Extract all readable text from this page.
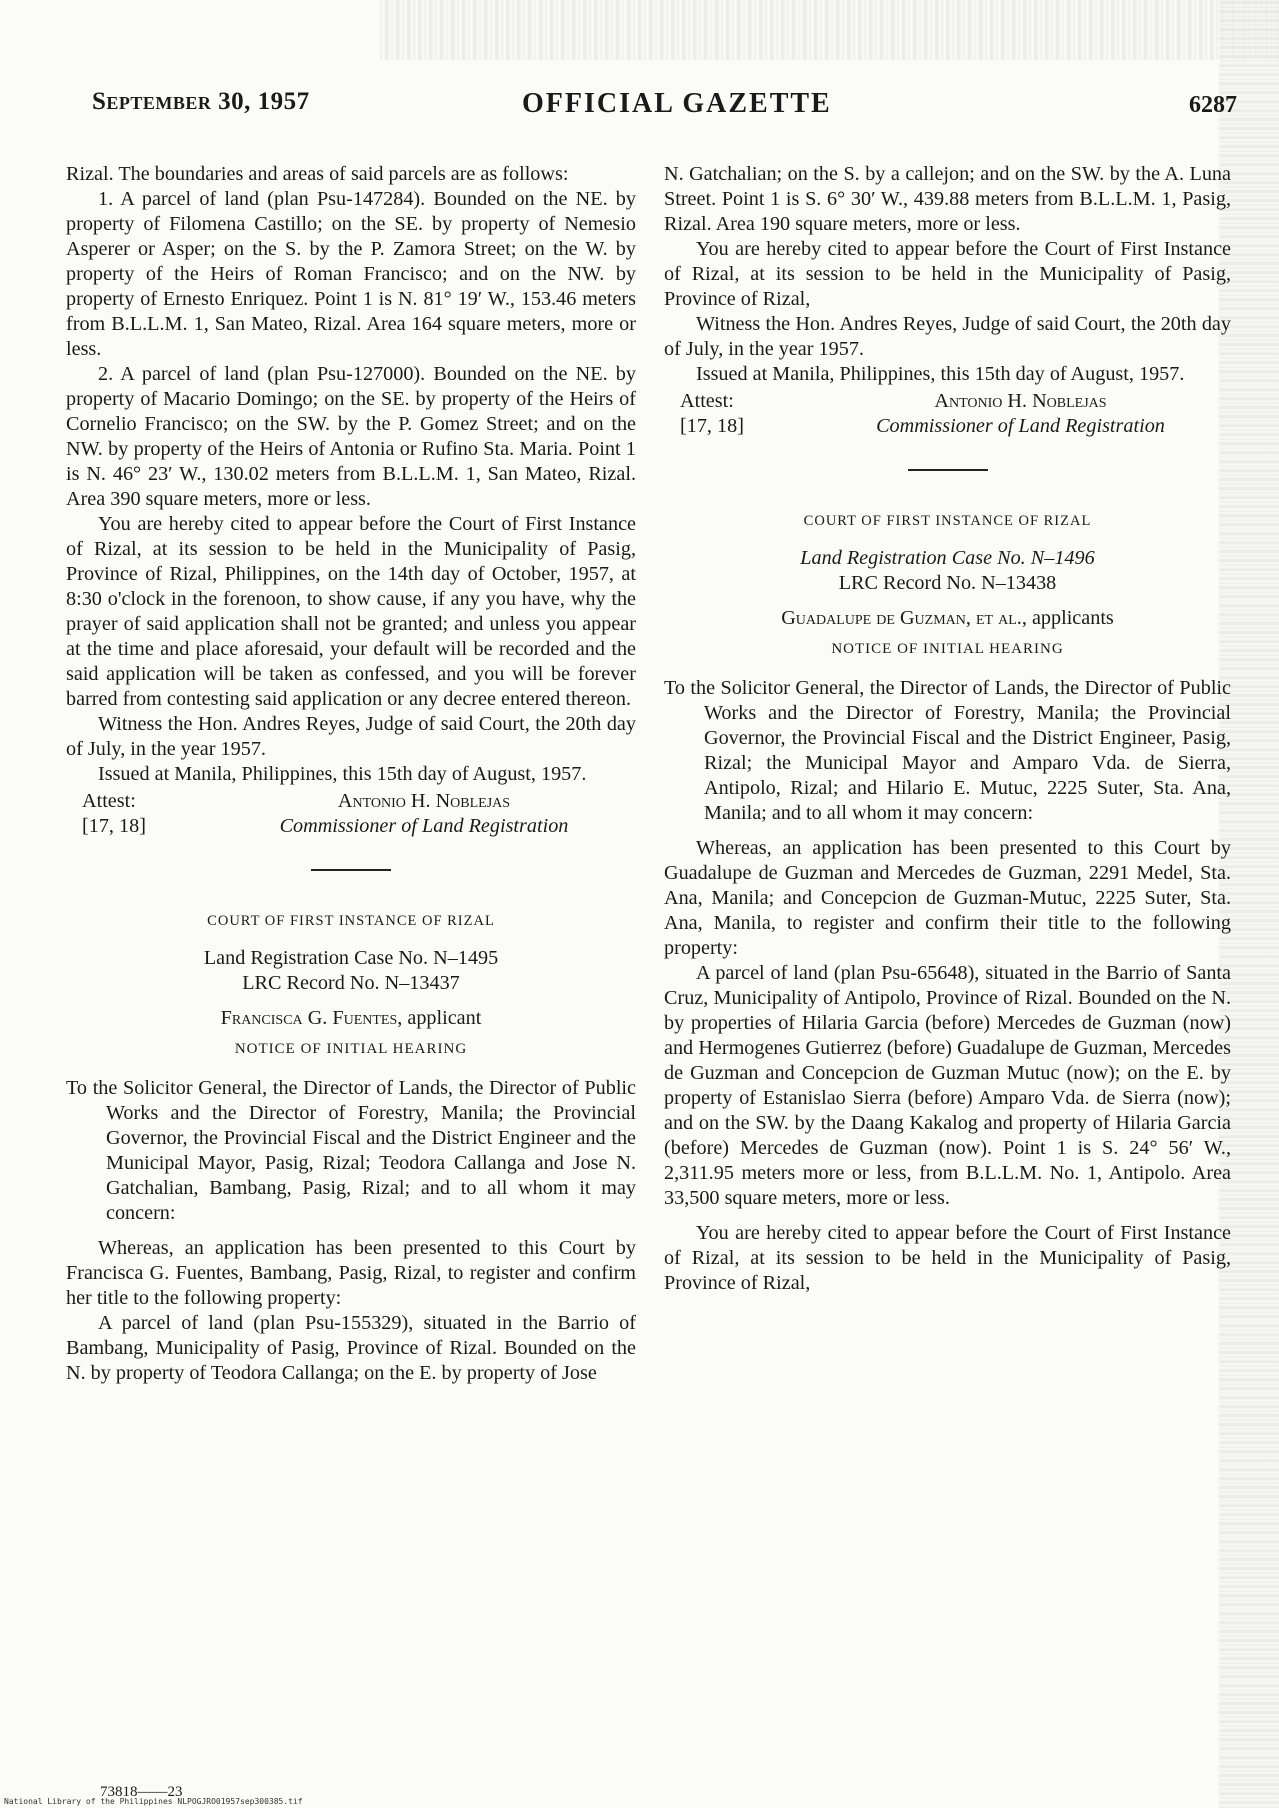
September 30, 1957	OFFICIAL GAZETTE	6287

Rizal. The boundaries and areas of said parcels are as follows:

1. A parcel of land (plan Psu-147284). Bounded on the NE. by property of Filomena Castillo; on the SE. by property of Nemesio Asperer or Asper; on the S. by the P. Zamora Street; on the W. by property of the Heirs of Roman Francisco; and on the NW. by property of Ernesto Enriquez. Point 1 is N. 81° 19′ W., 153.46 meters from B.L.L.M. 1, San Mateo, Rizal. Area 164 square meters, more or less.

2. A parcel of land (plan Psu-127000). Bounded on the NE. by property of Macario Domingo; on the SE. by property of the Heirs of Cornelio Francisco; on the SW. by the P. Gomez Street; and on the NW. by property of the Heirs of Antonia or Rufino Sta. Maria. Point 1 is N. 46° 23′ W., 130.02 meters from B.L.L.M. 1, San Mateo, Rizal. Area 390 square meters, more or less.

You are hereby cited to appear before the Court of First Instance of Rizal, at its session to be held in the Municipality of Pasig, Province of Rizal, Philippines, on the 14th day of October, 1957, at 8:30 o'clock in the forenoon, to show cause, if any you have, why the prayer of said application shall not be granted; and unless you appear at the time and place aforesaid, your default will be recorded and the said application will be taken as confessed, and you will be forever barred from contesting said application or any decree entered thereon.

Witness the Hon. Andres Reyes, Judge of said Court, the 20th day of July, in the year 1957.

Issued at Manila, Philippines, this 15th day of August, 1957.

Attest:
[17, 18]
Antonio H. Noblejas
Commissioner of Land Registration
COURT OF FIRST INSTANCE OF RIZAL
Land Registration Case No. N–1495
LRC Record No. N–13437
Francisca G. Fuentes, applicant
NOTICE OF INITIAL HEARING

To the Solicitor General, the Director of Lands, the Director of Public Works and the Director of Forestry, Manila; the Provincial Governor, the Provincial Fiscal and the District Engineer and the Municipal Mayor, Pasig, Rizal; Teodora Callanga and Jose N. Gatchalian, Bambang, Pasig, Rizal; and to all whom it may concern:

Whereas, an application has been presented to this Court by Francisca G. Fuentes, Bambang, Pasig, Rizal, to register and confirm her title to the following property:

A parcel of land (plan Psu-155329), situated in the Barrio of Bambang, Municipality of Pasig, Province of Rizal. Bounded on the N. by property of Teodora Callanga; on the E. by property of Jose

N. Gatchalian; on the S. by a callejon; and on the SW. by the A. Luna Street. Point 1 is S. 6° 30′ W., 439.88 meters from B.L.L.M. 1, Pasig, Rizal. Area 190 square meters, more or less.

You are hereby cited to appear before the Court of First Instance of Rizal, at its session to be held in the Municipality of Pasig, Province of Rizal,

Witness the Hon. Andres Reyes, Judge of said Court, the 20th day of July, in the year 1957.

Issued at Manila, Philippines, this 15th day of August, 1957.

Attest:
[17, 18]
Antonio H. Noblejas
Commissioner of Land Registration
COURT OF FIRST INSTANCE OF RIZAL
Land Registration Case No. N–1496
LRC Record No. N–13438
Guadalupe de Guzman, et al., applicants
NOTICE OF INITIAL HEARING

To the Solicitor General, the Director of Lands, the Director of Public Works and the Director of Forestry, Manila; the Provincial Governor, the Provincial Fiscal and the District Engineer, Pasig, Rizal; the Municipal Mayor and Amparo Vda. de Sierra, Antipolo, Rizal; and Hilario E. Mutuc, 2225 Suter, Sta. Ana, Manila; and to all whom it may concern:

Whereas, an application has been presented to this Court by Guadalupe de Guzman and Mercedes de Guzman, 2291 Medel, Sta. Ana, Manila; and Concepcion de Guzman-Mutuc, 2225 Suter, Sta. Ana, Manila, to register and confirm their title to the following property:

A parcel of land (plan Psu-65648), situated in the Barrio of Santa Cruz, Municipality of Antipolo, Province of Rizal. Bounded on the N. by properties of Hilaria Garcia (before) Mercedes de Guzman (now) and Hermogenes Gutierrez (before) Guadalupe de Guzman, Mercedes de Guzman and Concepcion de Guzman Mutuc (now); on the E. by property of Estanislao Sierra (before) Amparo Vda. de Sierra (now); and on the SW. by the Daang Kakalog and property of Hilaria Garcia (before) Mercedes de Guzman (now). Point 1 is S. 24° 56′ W., 2,311.95 meters more or less, from B.L.L.M. No. 1, Antipolo. Area 33,500 square meters, more or less.

You are hereby cited to appear before the Court of First Instance of Rizal, at its session to be held in the Municipality of Pasig, Province of Rizal,

73818——23
National Library of the Philippines NLPOGJRO01957sep300385.tif
